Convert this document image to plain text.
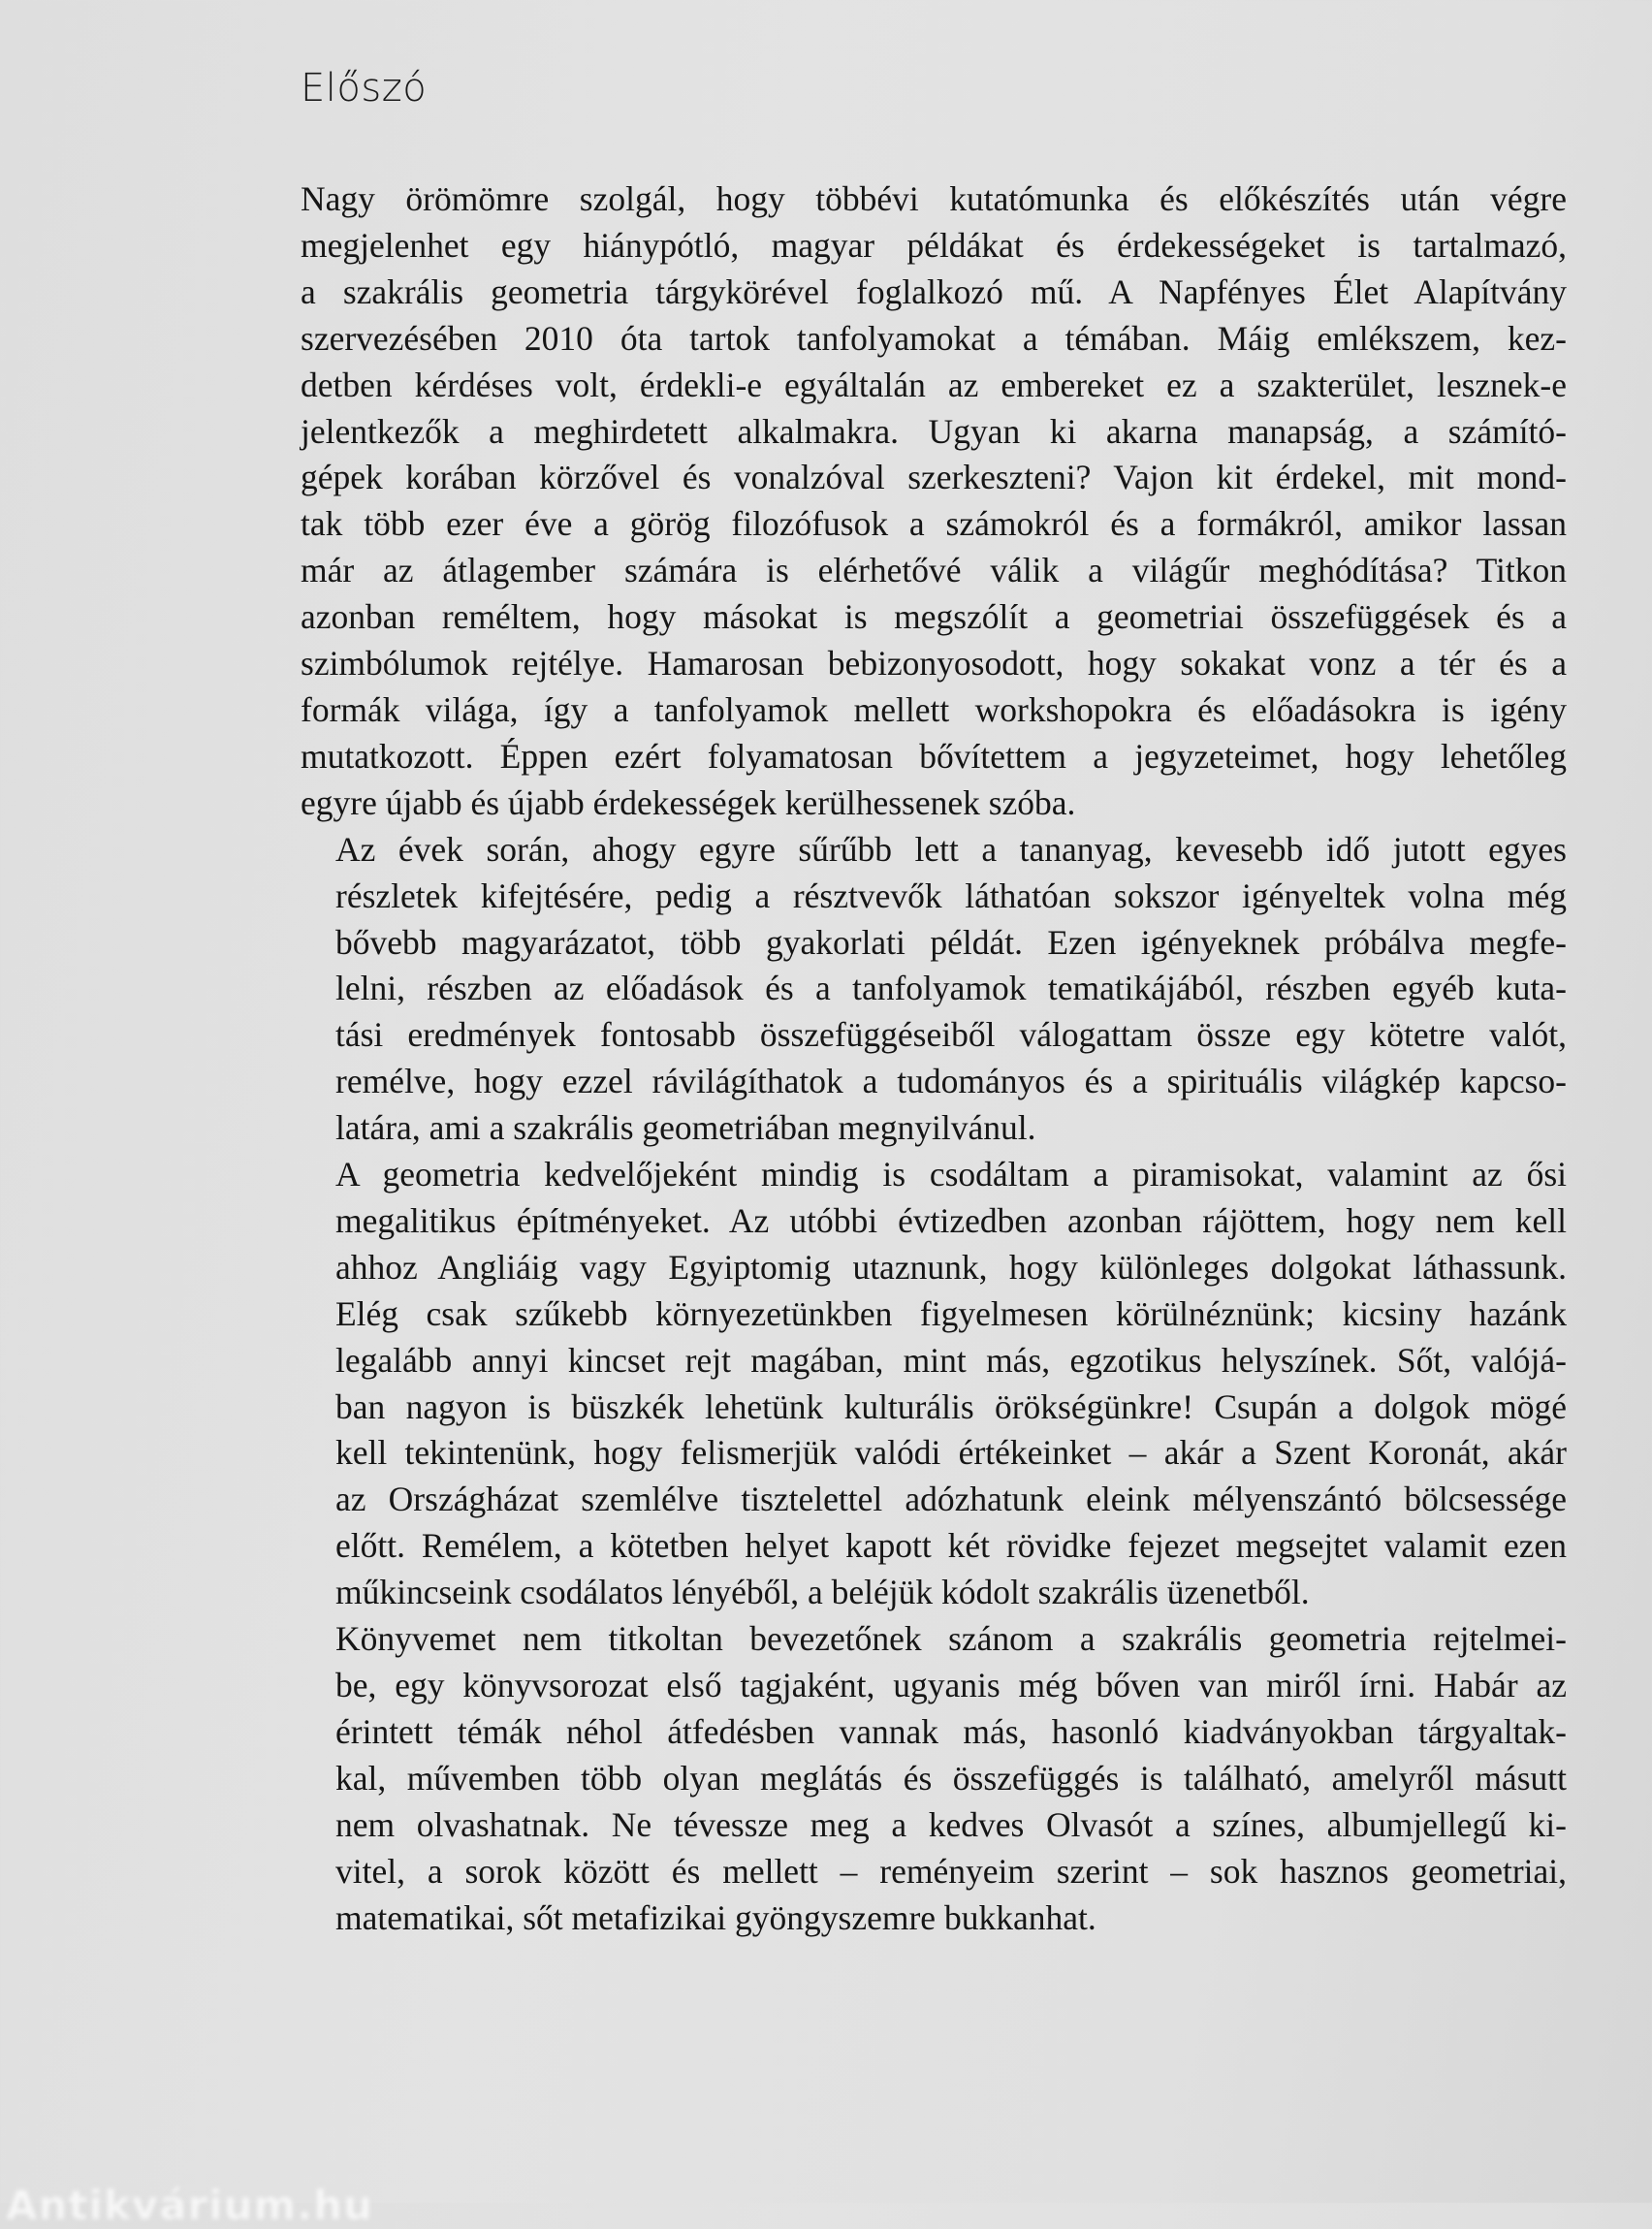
Előszó

Nagy örömömre szolgál, hogy többévi kutatómunka és előkészítés után végre
megjelenhet egy hiánypótló, magyar példákat és érdekességeket is tartalmazó,
a szakrális geometria tárgykörével foglalkozó mű. A Napfényes Élet Alapítvány
szervezésében 2010 óta tartok tanfolyamokat a témában. Máig emlékszem, kez-
detben kérdéses volt, érdekli-e egyáltalán az embereket ez a szakterület, lesznek-e
jelentkezők a meghirdetett alkalmakra. Ugyan ki akarna manapság, a számító-
gépek korában körzővel és vonalzóval szerkeszteni? Vajon kit érdekel, mit mond-
tak több ezer éve a görög filozófusok a számokról és a formákról, amikor lassan
már az átlagember számára is elérhetővé válik a világűr meghódítása? Titkon
azonban reméltem, hogy másokat is megszólít a geometriai összefüggések és a
szimbólumok rejtélye. Hamarosan bebizonyosodott, hogy sokakat vonz a tér és a
formák világa, így a tanfolyamok mellett workshopokra és előadásokra is igény
mutatkozott. Éppen ezért folyamatosan bővítettem a jegyzeteimet, hogy lehetőleg
egyre újabb és újabb érdekességek kerülhessenek szóba.

Az évek során, ahogy egyre sűrűbb lett a tananyag, kevesebb idő jutott egyes
részletek kifejtésére, pedig a résztvevők láthatóan sokszor igényeltek volna még
bővebb magyarázatot, több gyakorlati példát. Ezen igényeknek próbálva megfe-
lelni, részben az előadások és a tanfolyamok tematikájából, részben egyéb kuta-
tási eredmények fontosabb összefüggéseiből válogattam össze egy kötetre valót,
remélve, hogy ezzel rávilágíthatok a tudományos és a spirituális világkép kapcso-
latára, ami a szakrális geometriában megnyilvánul.

A geometria kedvelőjeként mindig is csodáltam a piramisokat, valamint az ősi
megalitikus építményeket. Az utóbbi évtizedben azonban rájöttem, hogy nem kell
ahhoz Angliáig vagy Egyiptomig utaznunk, hogy különleges dolgokat láthassunk.
Elég csak szűkebb környezetünkben figyelmesen körülnéznünk; kicsiny hazánk
legalább annyi kincset rejt magában, mint más, egzotikus helyszínek. Sőt, valójá-
ban nagyon is büszkék lehetünk kulturális örökségünkre! Csupán a dolgok mögé
kell tekintenünk, hogy felismerjük valódi értékeinket – akár a Szent Koronát, akár
az Országházat szemlélve tisztelettel adózhatunk eleink mélyenszántó bölcsessége
előtt. Remélem, a kötetben helyet kapott két rövidke fejezet megsejtet valamit ezen
műkincseink csodálatos lényéből, a beléjük kódolt szakrális üzenetből.

Könyvemet nem titkoltan bevezetőnek szánom a szakrális geometria rejtelmei-
be, egy könyvsorozat első tagjaként, ugyanis még bőven van miről írni. Habár az
érintett témák néhol átfedésben vannak más, hasonló kiadványokban tárgyaltak-
kal, művemben több olyan meglátás és összefüggés is található, amelyről másutt
nem olvashatnak. Ne tévessze meg a kedves Olvasót a színes, albumjellegű ki-
vitel, a sorok között és mellett – reményeim szerint – sok hasznos geometriai,
matematikai, sőt metafizikai gyöngyszemre bukkanhat.

Antikvárium.hu
